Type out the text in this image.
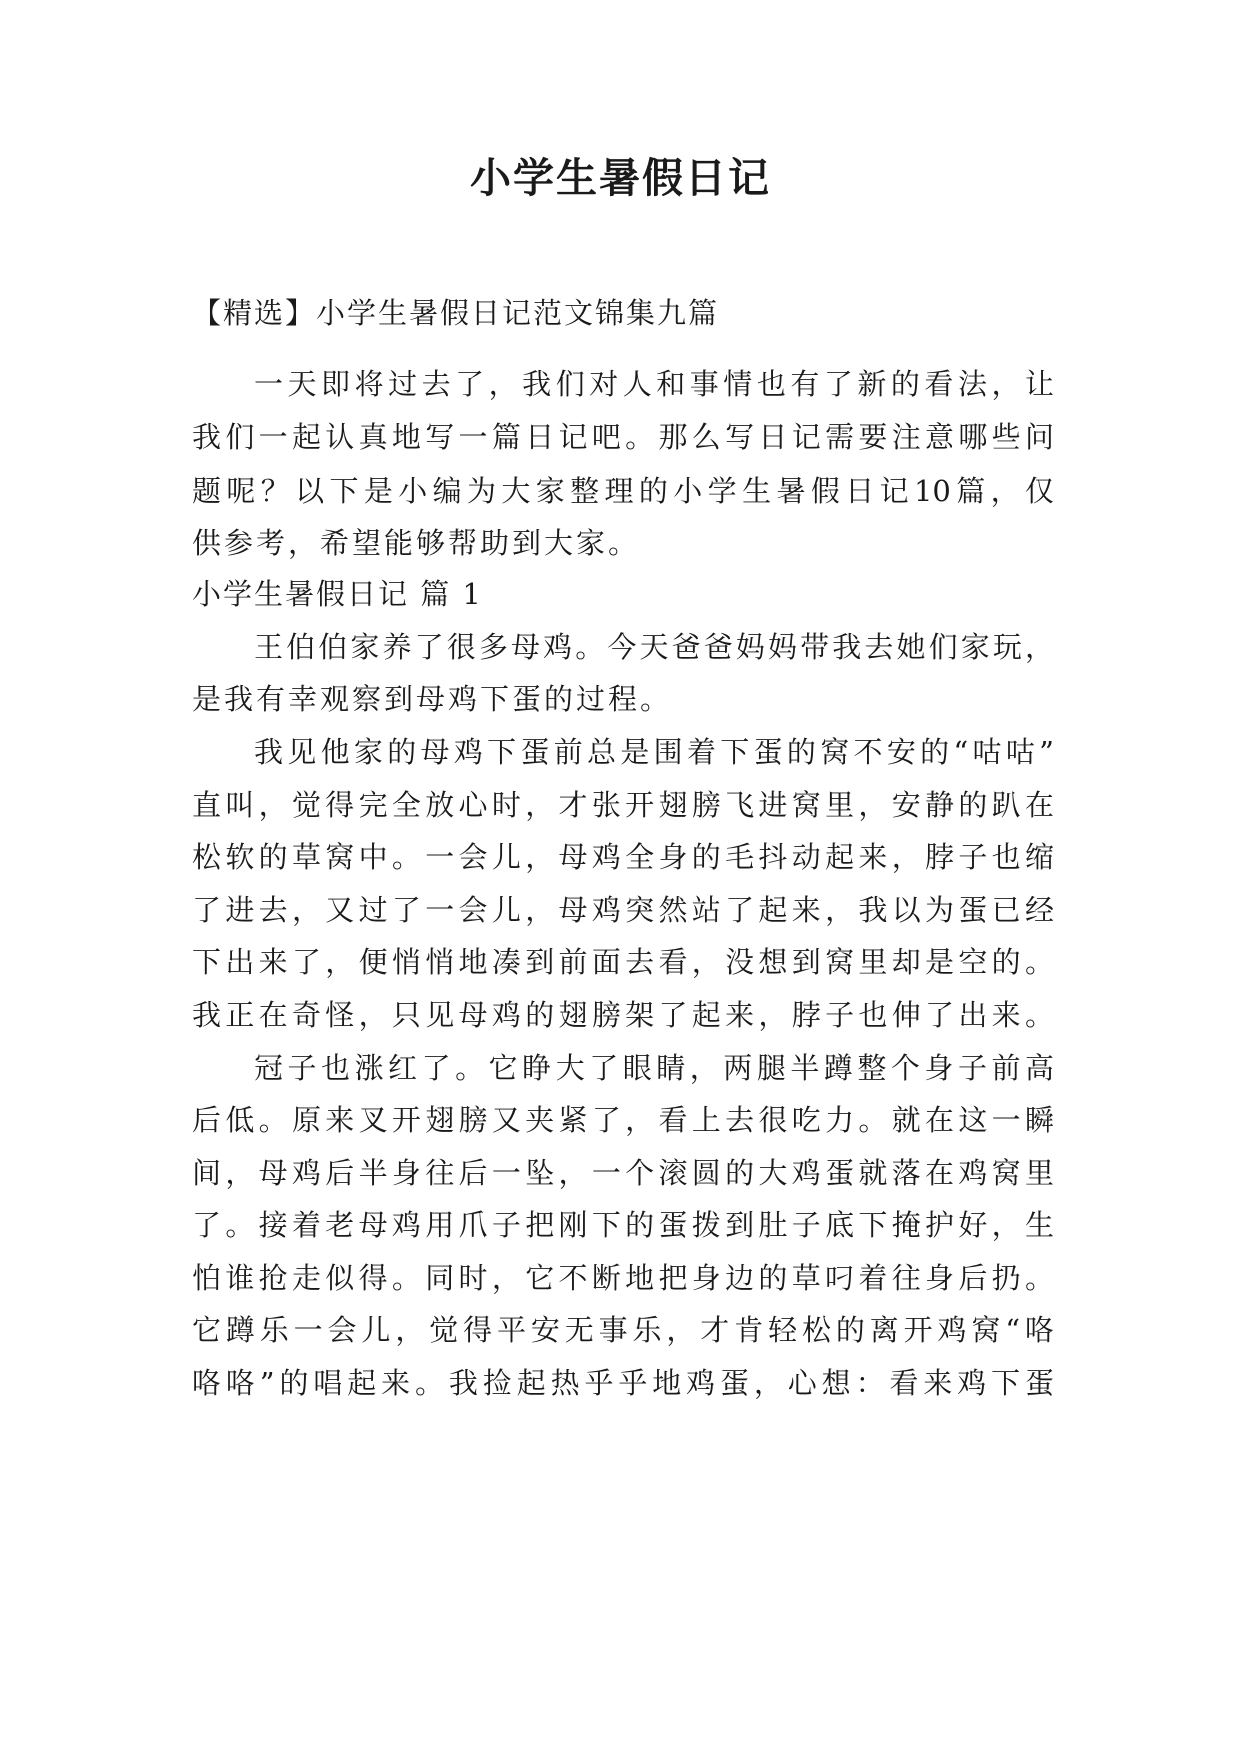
小学生暑假日记

【精选】小学生暑假日记范文锦集九篇

一天即将过去了，我们对人和事情也有了新的看法，让

我们一起认真地写一篇日记吧。那么写日记需要注意哪些问

题呢？以下是小编为大家整理的小学生暑假日记10篇，仅

供参考，希望能够帮助到大家。

小学生暑假日记 篇 1

王伯伯家养了很多母鸡。今天爸爸妈妈带我去她们家玩，

是我有幸观察到母鸡下蛋的过程。

我见他家的母鸡下蛋前总是围着下蛋的窝不安的“咕咕”

直叫，觉得完全放心时，才张开翅膀飞进窝里，安静的趴在

松软的草窝中。一会儿，母鸡全身的毛抖动起来，脖子也缩

了进去，又过了一会儿，母鸡突然站了起来，我以为蛋已经

下出来了，便悄悄地凑到前面去看，没想到窝里却是空的。

我正在奇怪，只见母鸡的翅膀架了起来，脖子也伸了出来。

冠子也涨红了。它睁大了眼睛，两腿半蹲整个身子前高

后低。原来叉开翅膀又夹紧了，看上去很吃力。就在这一瞬

间，母鸡后半身往后一坠，一个滚圆的大鸡蛋就落在鸡窝里

了。接着老母鸡用爪子把刚下的蛋拨到肚子底下掩护好，生

怕谁抢走似得。同时，它不断地把身边的草叼着往身后扔。

它蹲乐一会儿，觉得平安无事乐，才肯轻松的离开鸡窝“咯

咯咯”的唱起来。我捡起热乎乎地鸡蛋，心想：看来鸡下蛋
